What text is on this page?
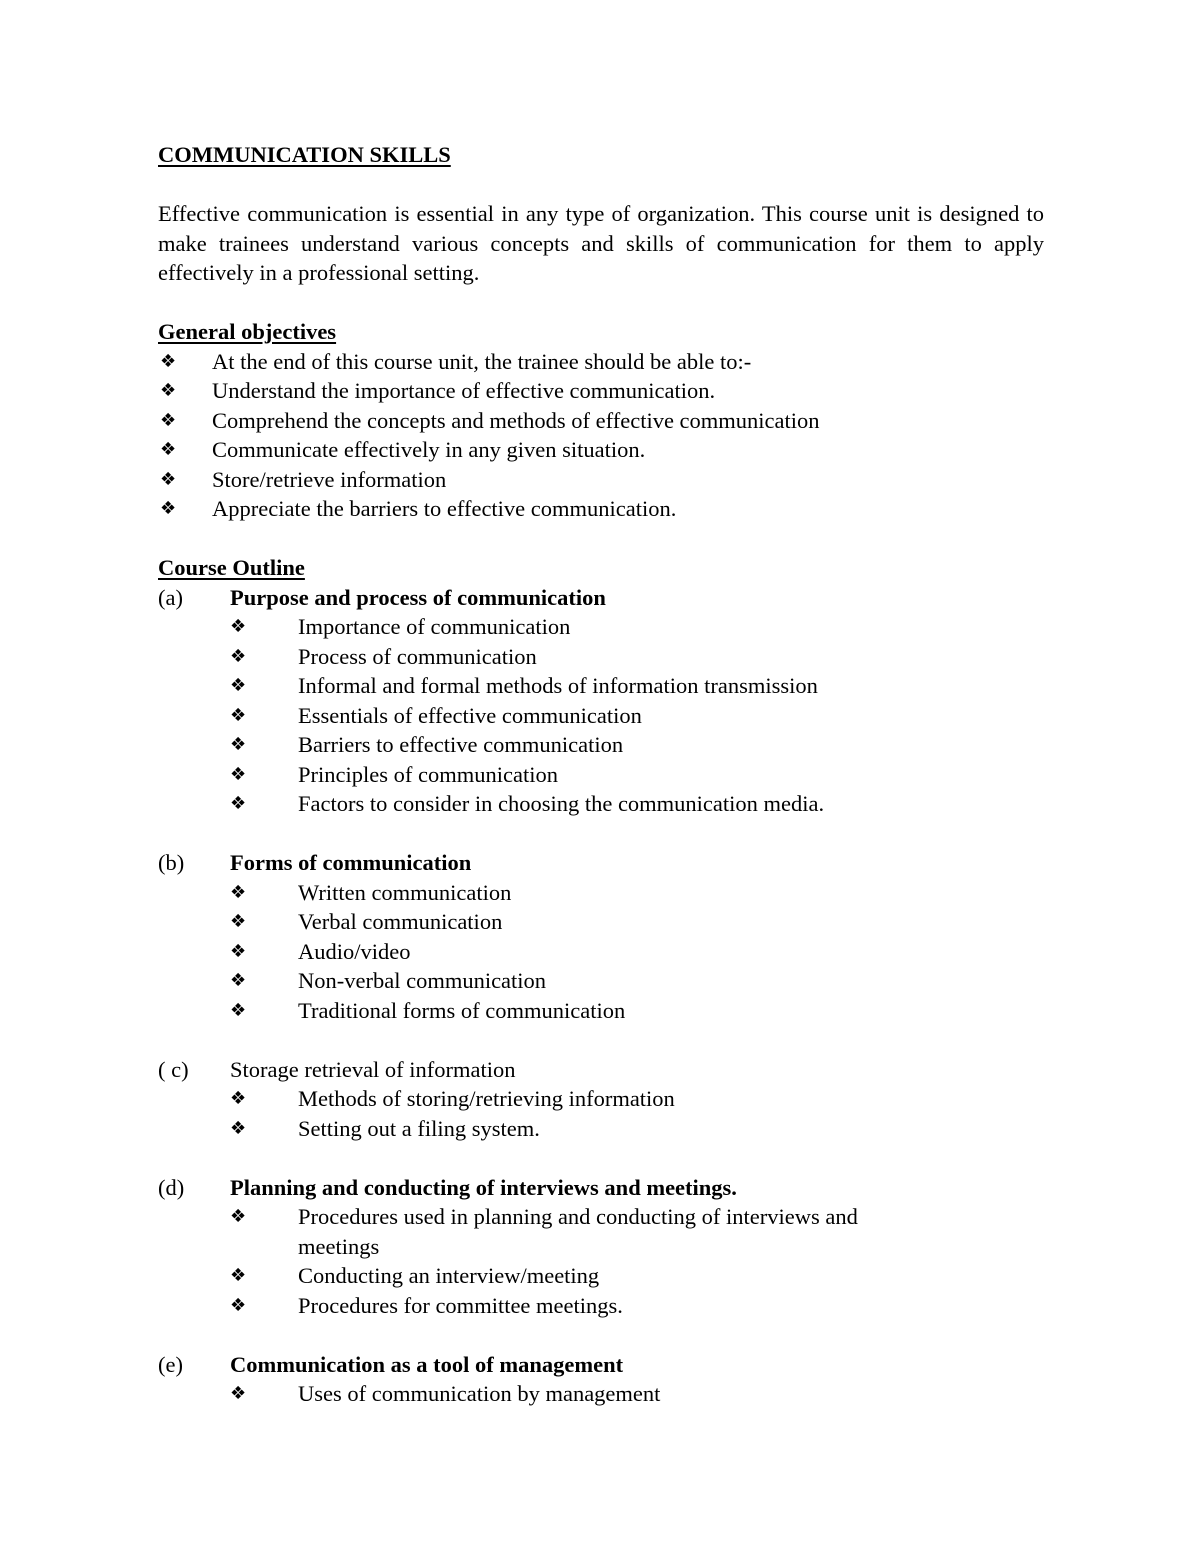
COMMUNICATION SKILLS

Effective communication is essential in any type of organization. This course unit is designed to make trainees understand various concepts and skills of communication for them to apply effectively in a professional setting.

General objectives
❖	At the end of this course unit, the trainee should be able to:-
❖	Understand the importance of effective communication.
❖	Comprehend the concepts and methods of effective communication
❖	Communicate effectively in any given situation.
❖	Store/retrieve information
❖	Appreciate the barriers to effective communication.
Course Outline
(a)	Purpose and process of communication
❖	Importance of communication
❖	Process of communication
❖	Informal and formal methods of information transmission
❖	Essentials of effective communication
❖	Barriers to effective communication
❖	Principles of communication
❖	Factors to consider in choosing the communication media.
(b)	Forms of communication
❖	Written communication
❖	Verbal communication
❖	Audio/video
❖	Non-verbal communication
❖	Traditional forms of communication
( c)	Storage retrieval of information
❖	Methods of storing/retrieving information
❖	Setting out a filing system.
(d)	Planning and conducting of interviews and meetings.
❖	Procedures used in planning and conducting of interviews and meetings
❖	Conducting an interview/meeting
❖	Procedures for committee meetings.
(e)	Communication as a tool of management
❖	Uses of communication by management
